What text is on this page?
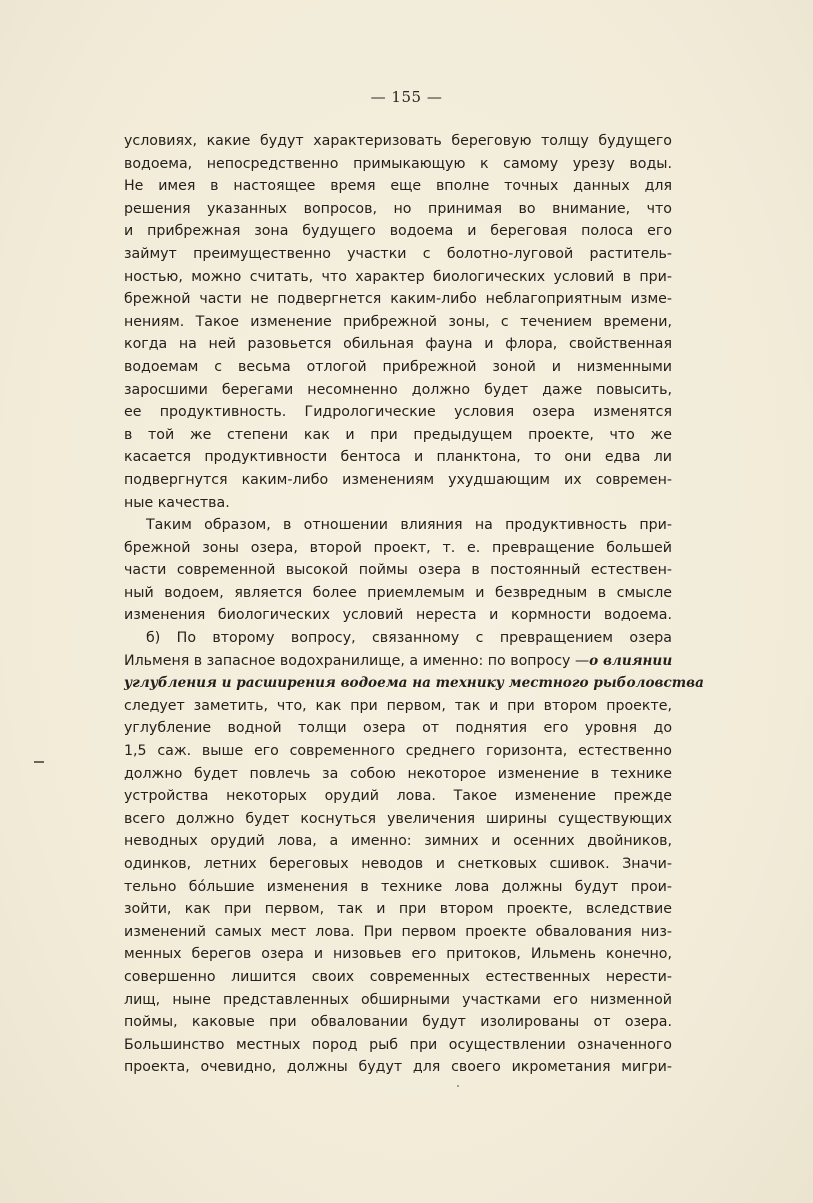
— 155 —
условиях, какие будут характеризовать береговую толщу будущего
водоема, непосредственно примыкающую к самому урезу воды.
Не имея в настоящее время еще вполне точных данных для
решения указанных вопросов, но принимая во внимание, что
и прибрежная зона будущего водоема и береговая полоса его
займут преимущественно участки с болотно-луговой раститель-
ностью, можно считать, что характер биологических условий в при-
брежной части не подвергнется каким-либо неблагоприятным изме-
нениям. Такое изменение прибрежной зоны, с течением времени,
когда на ней разовьется обильная фауна и флора, свойственная
водоемам с весьма отлогой прибрежной зоной и низменными
заросшими берегами несомненно должно будет даже повысить,
ее продуктивность. Гидрологические условия озера изменятся
в той же степени как и при предыдущем проекте, что же
касается продуктивности бентоса и планктона, то они едва ли
подвергнутся каким-либо изменениям ухудшающим их современ-
ные качества.
Таким образом, в отношении влияния на продуктивность при-
брежной зоны озера, второй проект, т. е. превращение большей
части современной высокой поймы озера в постоянный естествен-
ный водоем, является более приемлемым и безвредным в смысле
изменения биологических условий нереста и кормности водоема.
б) По второму вопросу, связанному с превращением озера
Ильменя в запасное водохранилище, а именно: по вопросу —о влиянии
углубления и расширения водоема на технику местного рыболовства
следует заметить, что, как при первом, так и при втором проекте,
углубление водной толщи озера от поднятия его уровня до
1,5 саж. выше его современного среднего горизонта, естественно
должно будет повлечь за собою некоторое изменение в технике
устройства некоторых орудий лова. Такое изменение прежде
всего должно будет коснуться увеличения ширины существующих
неводных орудий лова, а именно: зимних и осенних двойников,
одинков, летних береговых неводов и снетковых сшивок. Значи-
тельно бо́льшие изменения в технике лова должны будут прои-
зойти, как при первом, так и при втором проекте, вследствие
изменений самых мест лова. При первом проекте обвалования низ-
менных берегов озера и низовьев его притоков, Ильмень конечно,
совершенно лишится своих современных естественных нерести-
лищ, ныне представленных обширными участками его низменной
поймы, каковые при обваловании будут изолированы от озера.
Большинство местных пород рыб при осуществлении означенного
проекта, очевидно, должны будут для своего икрометания мигри-
